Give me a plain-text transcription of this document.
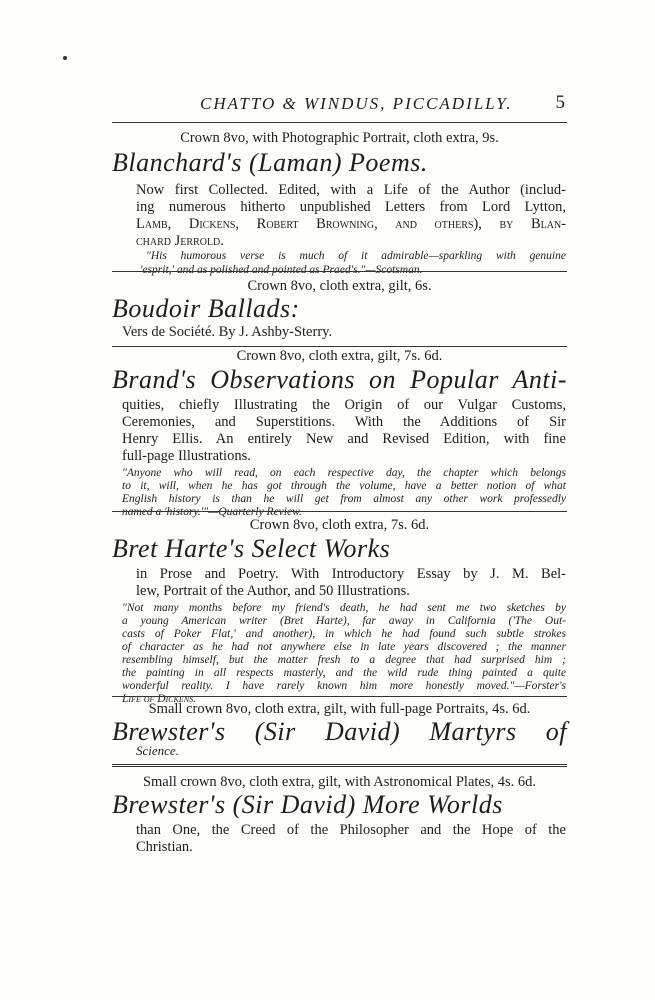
CHATTO & WINDUS, PICCADILLY. 5
Crown 8vo, with Photographic Portrait, cloth extra, 9s.
Blanchard's (Laman) Poems.
Now first Collected. Edited, with a Life of the Author (includ-
ing numerous hitherto unpublished Letters from Lord Lytton,
Lamb, Dickens, Robert Browning, and others), by Blan-
chard Jerrold.
"His humorous verse is much of it admirable—sparkling with genuine
'esprit,' and as polished and pointed as Praed's."—Scotsman.
Crown 8vo, cloth extra, gilt, 6s.
Boudoir Ballads:
Vers de Société. By J. Ashby-Sterry.
Crown 8vo, cloth extra, gilt, 7s. 6d.
Brand's Observations on Popular Anti-
quities, chiefly Illustrating the Origin of our Vulgar Customs,
Ceremonies, and Superstitions. With the Additions of Sir
Henry Ellis. An entirely New and Revised Edition, with fine
full-page Illustrations.
"Anyone who will read, on each respective day, the chapter which belongs
to it, will, when he has got through the volume, have a better notion of what
English history is than he will get from almost any other work professedly
named a 'history.'"—Quarterly Review.
Crown 8vo, cloth extra, 7s. 6d.
Bret Harte's Select Works
in Prose and Poetry. With Introductory Essay by J. M. Bel-
lew, Portrait of the Author, and 50 Illustrations.
"Not many months before my friend's death, he had sent me two sketches by
a young American writer (Bret Harte), far away in California ('The Out-
casts of Poker Flat,' and another), in which he had found such subtle strokes
of character as he had not anywhere else in late years discovered ; the manner
resembling himself, but the matter fresh to a degree that had surprised him ;
the painting in all respects masterly, and the wild rude thing painted a quite
wonderful reality. I have rarely known him more honestly moved."—Forster's
Life of Dickens.
Small crown 8vo, cloth extra, gilt, with full-page Portraits, 4s. 6d.
Brewster's (Sir David) Martyrs of
Science.
Small crown 8vo, cloth extra, gilt, with Astronomical Plates, 4s. 6d.
Brewster's (Sir David) More Worlds
than One, the Creed of the Philosopher and the Hope of the
Christian.
